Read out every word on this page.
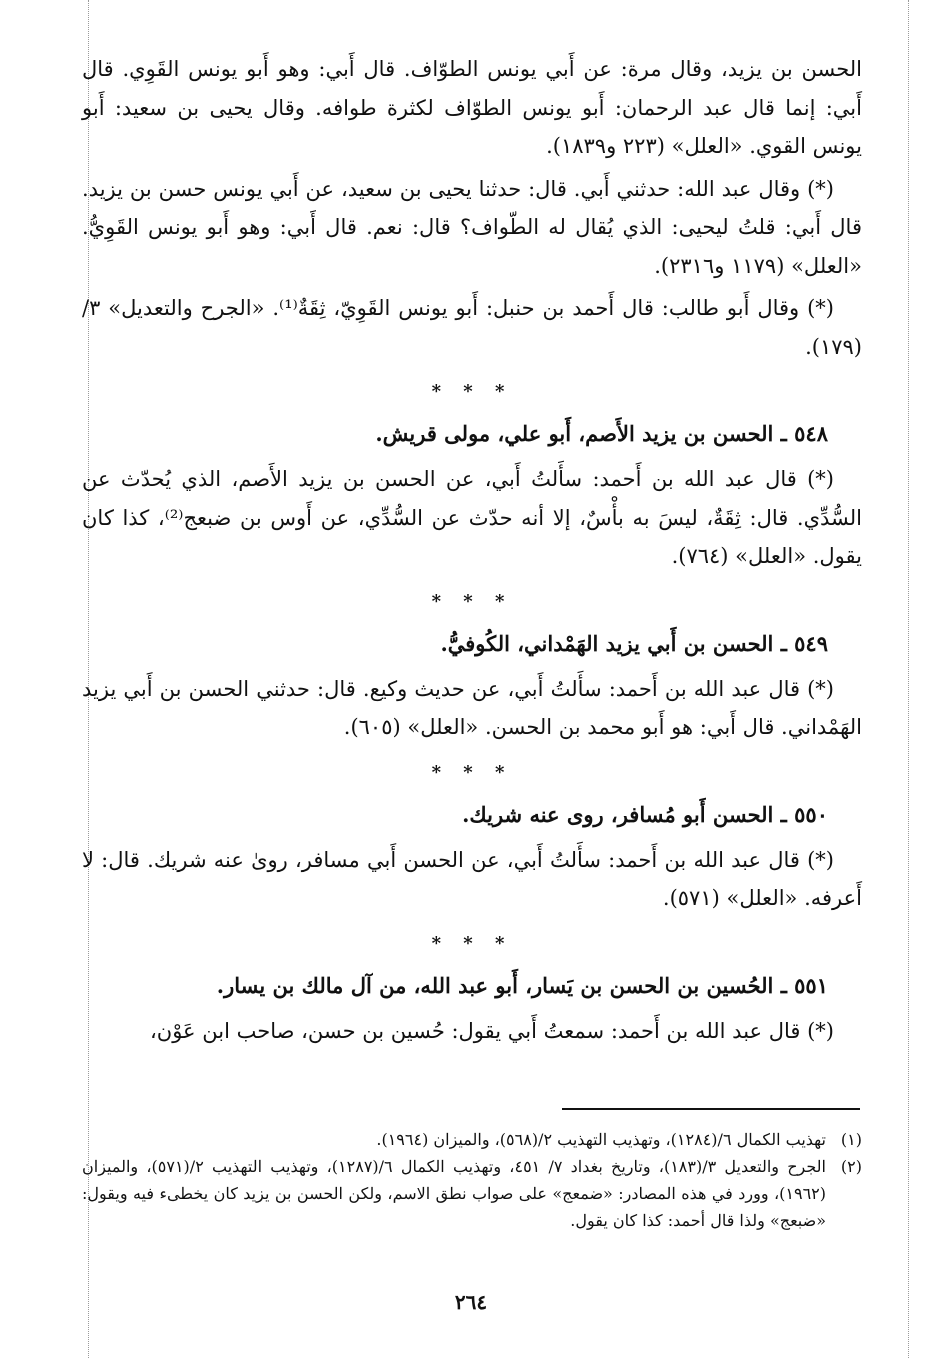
الحسن بن يزيد، وقال مرة: عن أَبي يونس الطوّاف. قال أَبي: وهو أَبو يونس القَوِي. قال أَبي: إنما قال عبد الرحمان: أَبو يونس الطوّاف لكثرة طوافه. وقال يحيى بن سعيد: أَبو يونس القوي. «العلل» (٢٢٣ و١٨٣٩).

(*) وقال عبد الله: حدثني أَبي. قال: حدثنا يحيى بن سعيد، عن أَبي يونس حسن بن يزيد. قال أَبي: قلتُ ليحيى: الذي يُقال له الطّواف؟ قال: نعم. قال أَبي: وهو أَبو يونس القَوِيُّ. «العلل» (١١٧٩ و٢٣١٦).

(*) وقال أَبو طالب: قال أَحمد بن حنبل: أَبو يونس القَوِيّ، ثِقَةٌ⁽¹⁾. «الجرح والتعديل» ٣/ (١٧٩).

* * *
٥٤٨ ـ الحسن بن يزيد الأَصم، أَبو علي، مولى قريش.

(*) قال عبد الله بن أَحمد: سأَلتُ أَبي، عن الحسن بن يزيد الأَصم، الذي يُحدّث عن السُّدِّي. قال: ثِقَةٌ، ليسَ به بأْسٌ، إلا أنه حدّث عن السُّدِّي، عن أَوس بن ضبعج⁽²⁾، كذا كان يقول. «العلل» (٧٦٤).

* * *
٥٤٩ ـ الحسن بن أَبي يزيد الهَمْداني، الكُوفيُّ.

(*) قال عبد الله بن أَحمد: سأَلتُ أَبي، عن حديث وكيع. قال: حدثني الحسن بن أَبي يزيد الهَمْداني. قال أَبي: هو أَبو محمد بن الحسن. «العلل» (٦٠٥).

* * *
٥٥٠ ـ الحسن أَبو مُسافر، روى عنه شريك.

(*) قال عبد الله بن أَحمد: سأَلتُ أَبي، عن الحسن أَبي مسافر، روىٰ عنه شريك. قال: لا أَعرفه. «العلل» (٥٧١).

* * *
٥٥١ ـ الحُسين بن الحسن بن يَسار، أَبو عبد الله، من آل مالك بن يسار.

(*) قال عبد الله بن أَحمد: سمعتُ أَبي يقول: حُسين بن حسن، صاحب ابن عَوْن،

(١)
تهذيب الكمال ٦/(١٢٨٤)، وتهذيب التهذيب ٢/(٥٦٨)، والميزان (١٩٦٤).
(٢)
الجرح والتعديل ٣/(١٨٣)، وتاريخ بغداد ٧/ ٤٥١، وتهذيب الكمال ٦/(١٢٨٧)، وتهذيب التهذيب ٢/(٥٧١)، والميزان (١٩٦٢)، وورد في هذه المصادر: «ضمعج» على صواب نطق الاسم، ولكن الحسن بن يزيد كان يخطىء فيه ويقول: «ضبعج» ولذا قال أحمد: كذا كان يقول.
٢٦٤
